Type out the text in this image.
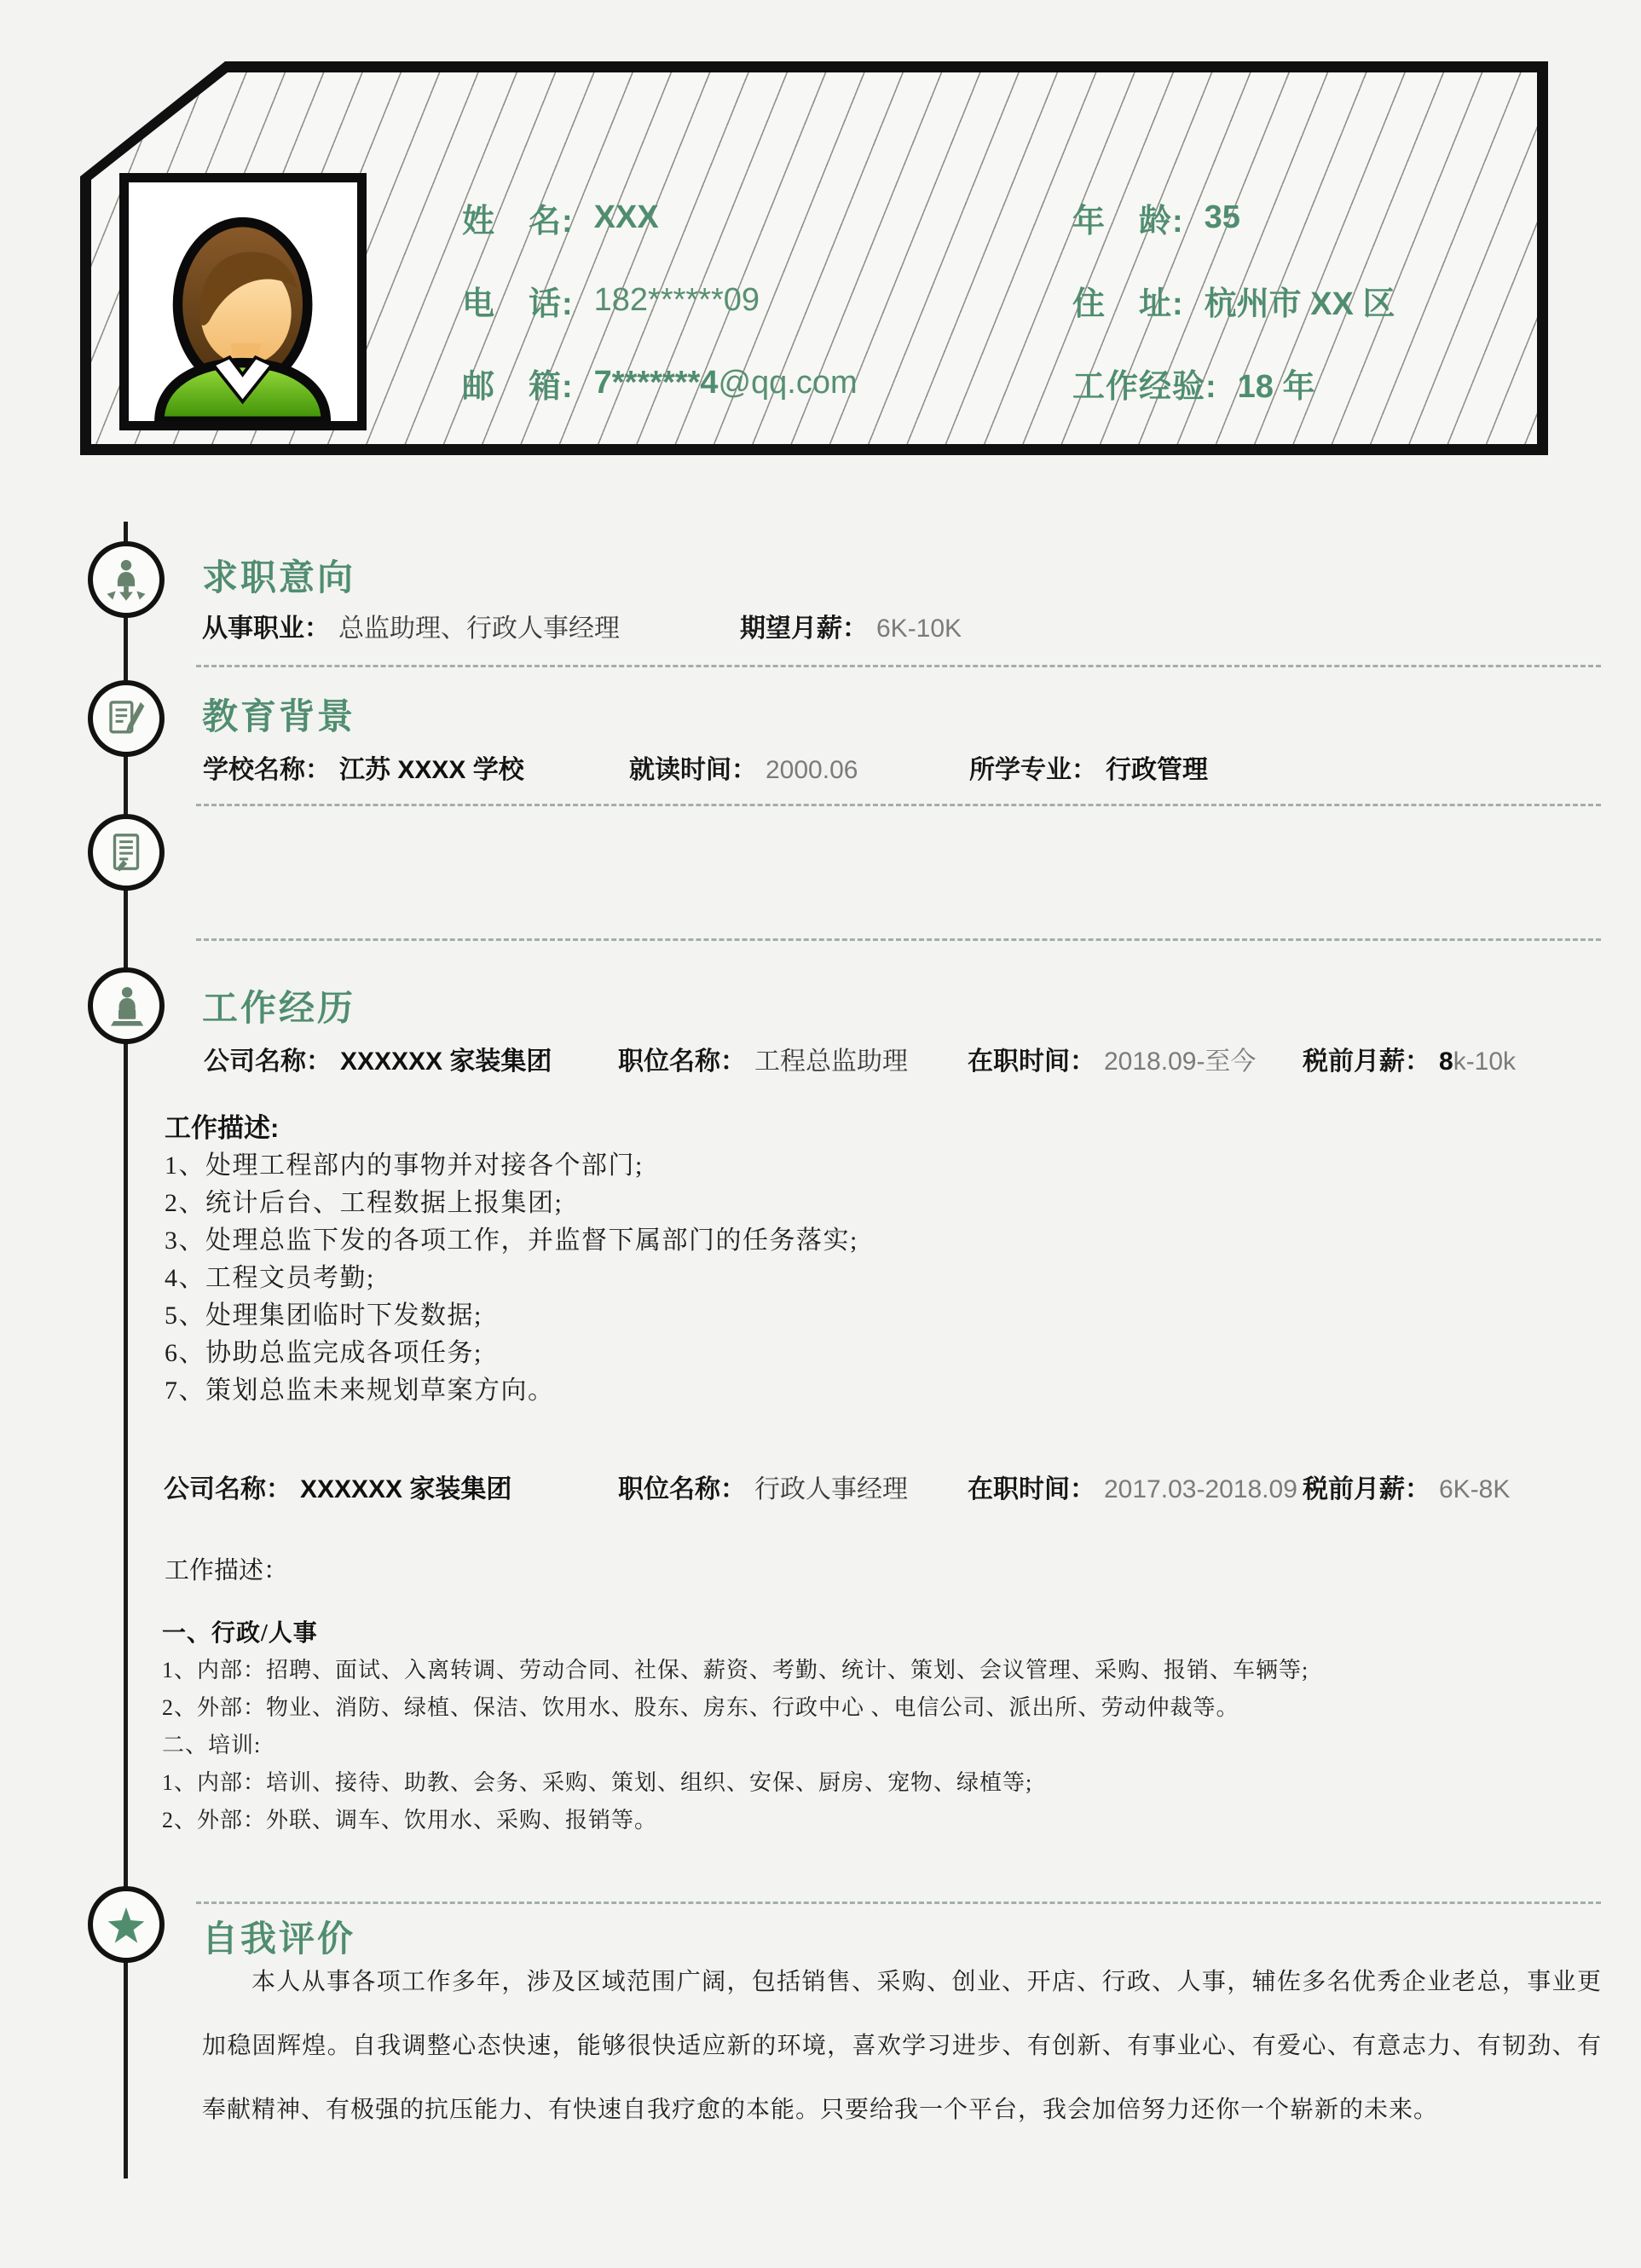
姓　名: XXX	年　龄: 35
电　话: 182******09	住　址: 杭州市 XX 区
邮　箱: 7*******4 @qq.com	工作经验: 18 年
求职意向
从事职业： 总监助理、行政人事经理	期望月薪： 6K-10K
教育背景
学校名称： 江苏 XXXX 学校	就读时间： 2000.06	所学专业： 行政管理
工作经历
公司名称： XXXXXX 家装集团	职位名称： 工程总监助理 在职时间： 2018.09-至今 税前月薪： 8k-10k
工作描述:
1、处理工程部内的事物并对接各个部门;
2、统计后台、工程数据上报集团;
3、处理总监下发的各项工作，并监督下属部门的任务落实;
4、工程文员考勤;
5、处理集团临时下发数据;
6、协助总监完成各项任务;
7、策划总监未来规划草案方向。
公司名称： XXXXXX 家装集团	职位名称： 行政人事经理 在职时间： 2017.03-2018.09 税前月薪： 6K-8K
工作描述：
一、行政/人事
1、内部：招聘、面试、入离转调、劳动合同、社保、薪资、考勤、统计、策划、会议管理、采购、报销、车辆等;
2、外部：物业、消防、绿植、保洁、饮用水、股东、房东、行政中心 、电信公司、派出所、劳动仲裁等。
二、培训:
1、内部：培训、接待、助教、会务、采购、策划、组织、安保、厨房、宠物、绿植等;
2、外部：外联、调车、饮用水、采购、报销等。
自我评价
本人从事各项工作多年，涉及区域范围广阔，包括销售、采购、创业、开店、行政、人事，辅佐多名优秀企业老总，事业更加稳固辉煌。自我调整心态快速，能够很快适应新的环境，喜欢学习进步、有创新、有事业心、有爱心、有意志力、有韧劲、有奉献精神、有极强的抗压能力、有快速自我疗愈的本能。只要给我一个平台，我会加倍努力还你一个崭新的未来。
